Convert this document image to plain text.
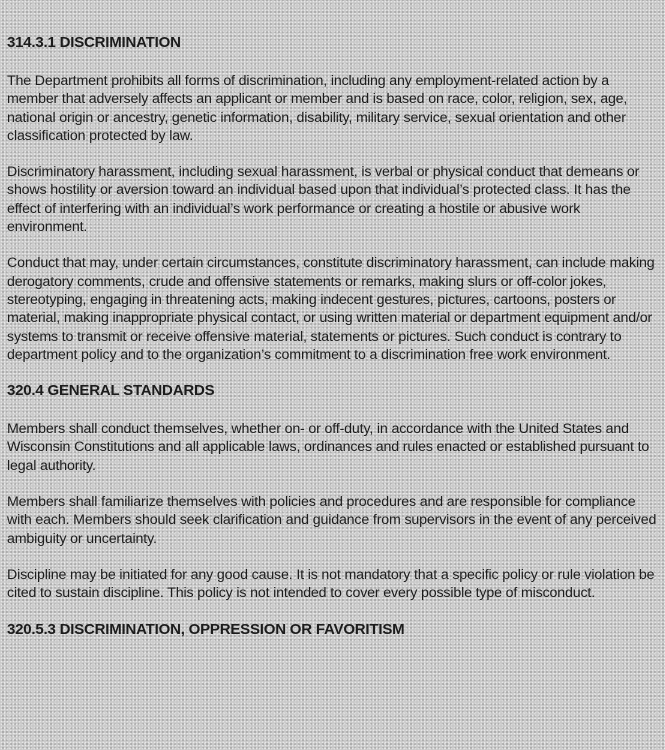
314.3.1 DISCRIMINATION

The Department prohibits all forms of discrimination, including any employment-related action by a member that adversely affects an applicant or member and is based on race, color, religion, sex, age, national origin or ancestry, genetic information, disability, military service, sexual orientation and other classification protected by law.

Discriminatory harassment, including sexual harassment, is verbal or physical conduct that demeans or shows hostility or aversion toward an individual based upon that individual’s protected class. It has the effect of interfering with an individual’s work performance or creating a hostile or abusive work environment.

Conduct that may, under certain circumstances, constitute discriminatory harassment, can include making derogatory comments, crude and offensive statements or remarks, making slurs or off-color jokes, stereotyping, engaging in threatening acts, making indecent gestures, pictures, cartoons, posters or material, making inappropriate physical contact, or using written material or department equipment and/or systems to transmit or receive offensive material, statements or pictures. Such conduct is contrary to department policy and to the organization’s commitment to a discrimination free work environment.

320.4 GENERAL STANDARDS

Members shall conduct themselves, whether on- or off-duty, in accordance with the United States and Wisconsin Constitutions and all applicable laws, ordinances and rules enacted or established pursuant to legal authority.

Members shall familiarize themselves with policies and procedures and are responsible for compliance with each. Members should seek clarification and guidance from supervisors in the event of any perceived ambiguity or uncertainty.

Discipline may be initiated for any good cause. It is not mandatory that a specific policy or rule violation be cited to sustain discipline. This policy is not intended to cover every possible type of misconduct.

320.5.3 DISCRIMINATION, OPPRESSION OR FAVORITISM
